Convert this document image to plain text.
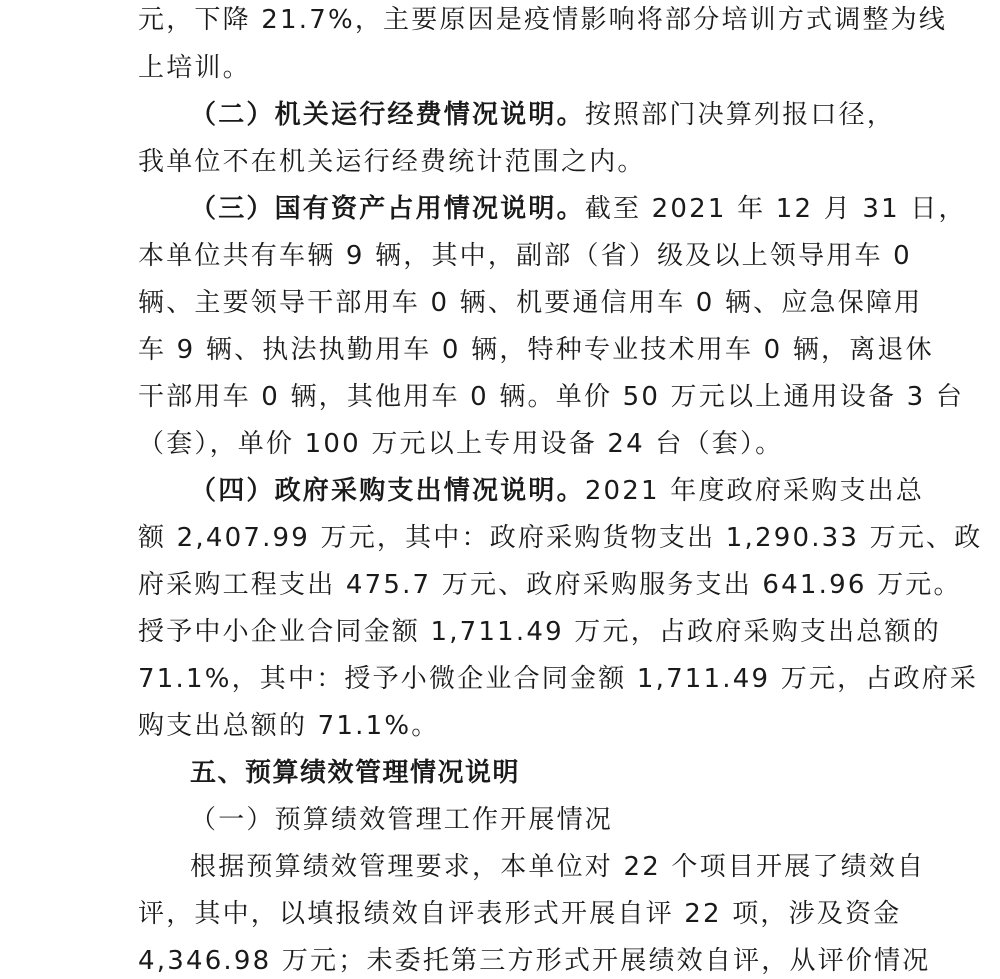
元，下降 21.7%，主要原因是疫情影响将部分培训方式调整为线
上培训。
（二）机关运行经费情况说明。按照部门决算列报口径，
我单位不在机关运行经费统计范围之内。
（三）国有资产占用情况说明。截至 2021 年 12 月 31 日，
本单位共有车辆 9 辆，其中，副部（省）级及以上领导用车 0
辆、主要领导干部用车 0 辆、机要通信用车 0 辆、应急保障用
车 9 辆、执法执勤用车 0 辆，特种专业技术用车 0 辆，离退休
干部用车 0 辆，其他用车 0 辆。单价 50 万元以上通用设备 3 台
（套），单价 100 万元以上专用设备 24 台（套）。
（四）政府采购支出情况说明。2021 年度政府采购支出总
额 2,407.99 万元，其中：政府采购货物支出 1,290.33 万元、政
府采购工程支出 475.7 万元、政府采购服务支出 641.96 万元。
授予中小企业合同金额 1,711.49 万元，占政府采购支出总额的
71.1%，其中：授予小微企业合同金额 1,711.49 万元，占政府采
购支出总额的 71.1%。
五、预算绩效管理情况说明
（一）预算绩效管理工作开展情况
根据预算绩效管理要求，本单位对 22 个项目开展了绩效自
评，其中，以填报绩效自评表形式开展自评 22 项，涉及资金
4,346.98 万元；未委托第三方形式开展绩效自评，从评价情况
